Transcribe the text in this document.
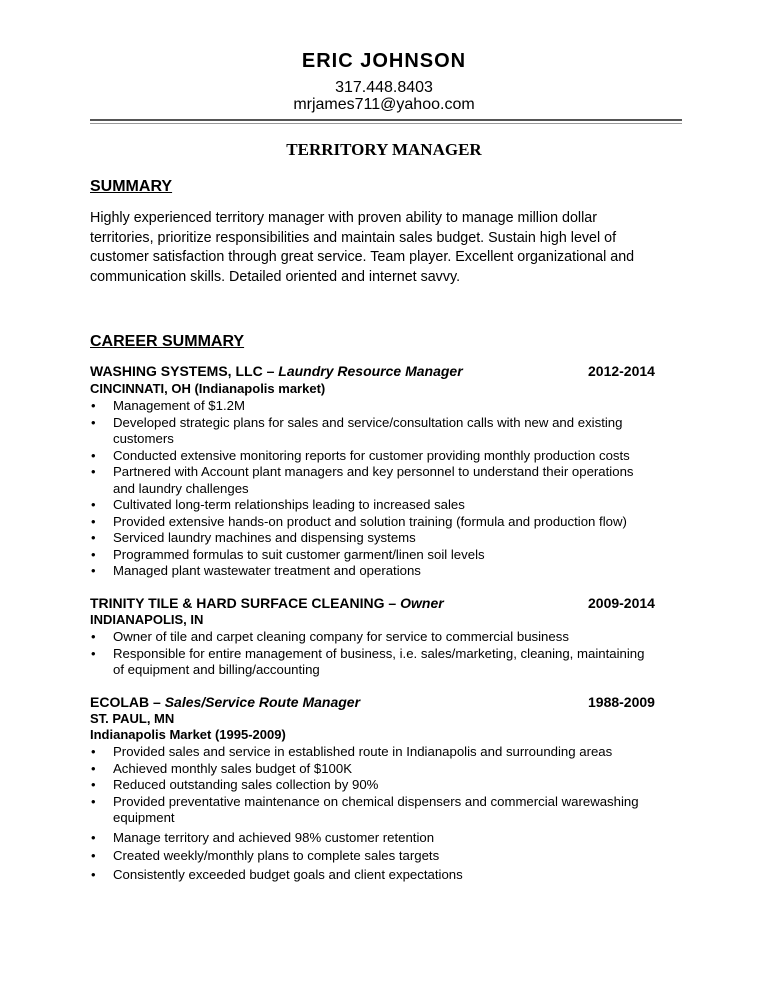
ERIC JOHNSON
317.448.8403
mrjames711@yahoo.com
TERRITORY MANAGER
SUMMARY
Highly experienced territory manager with proven ability to manage million dollar
territories, prioritize responsibilities and maintain sales budget. Sustain high level of
customer satisfaction through great service. Team player. Excellent organizational and
communication skills. Detailed oriented and internet savvy.
CAREER SUMMARY
WASHING SYSTEMS, LLC – Laundry Resource Manager	2012-2014
CINCINNATI, OH (Indianapolis market)
• Management of $1.2M
• Developed strategic plans for sales and service/consultation calls with new and existing
customers
• Conducted extensive monitoring reports for customer providing monthly production costs
• Partnered with Account plant managers and key personnel to understand their operations
and laundry challenges
• Cultivated long-term relationships leading to increased sales
• Provided extensive hands-on product and solution training (formula and production flow)
• Serviced laundry machines and dispensing systems
• Programmed formulas to suit customer garment/linen soil levels
• Managed plant wastewater treatment and operations
TRINITY TILE & HARD SURFACE CLEANING – Owner	2009-2014
INDIANAPOLIS, IN
• Owner of tile and carpet cleaning company for service to commercial business
• Responsible for entire management of business, i.e. sales/marketing, cleaning, maintaining
of equipment and billing/accounting
ECOLAB – Sales/Service Route Manager	1988-2009
ST. PAUL, MN
Indianapolis Market (1995-2009)
• Provided sales and service in established route in Indianapolis and surrounding areas
• Achieved monthly sales budget of $100K
• Reduced outstanding sales collection by 90%
• Provided preventative maintenance on chemical dispensers and commercial warewashing
equipment
• Manage territory and achieved 98% customer retention
• Created weekly/monthly plans to complete sales targets
• Consistently exceeded budget goals and client expectations
